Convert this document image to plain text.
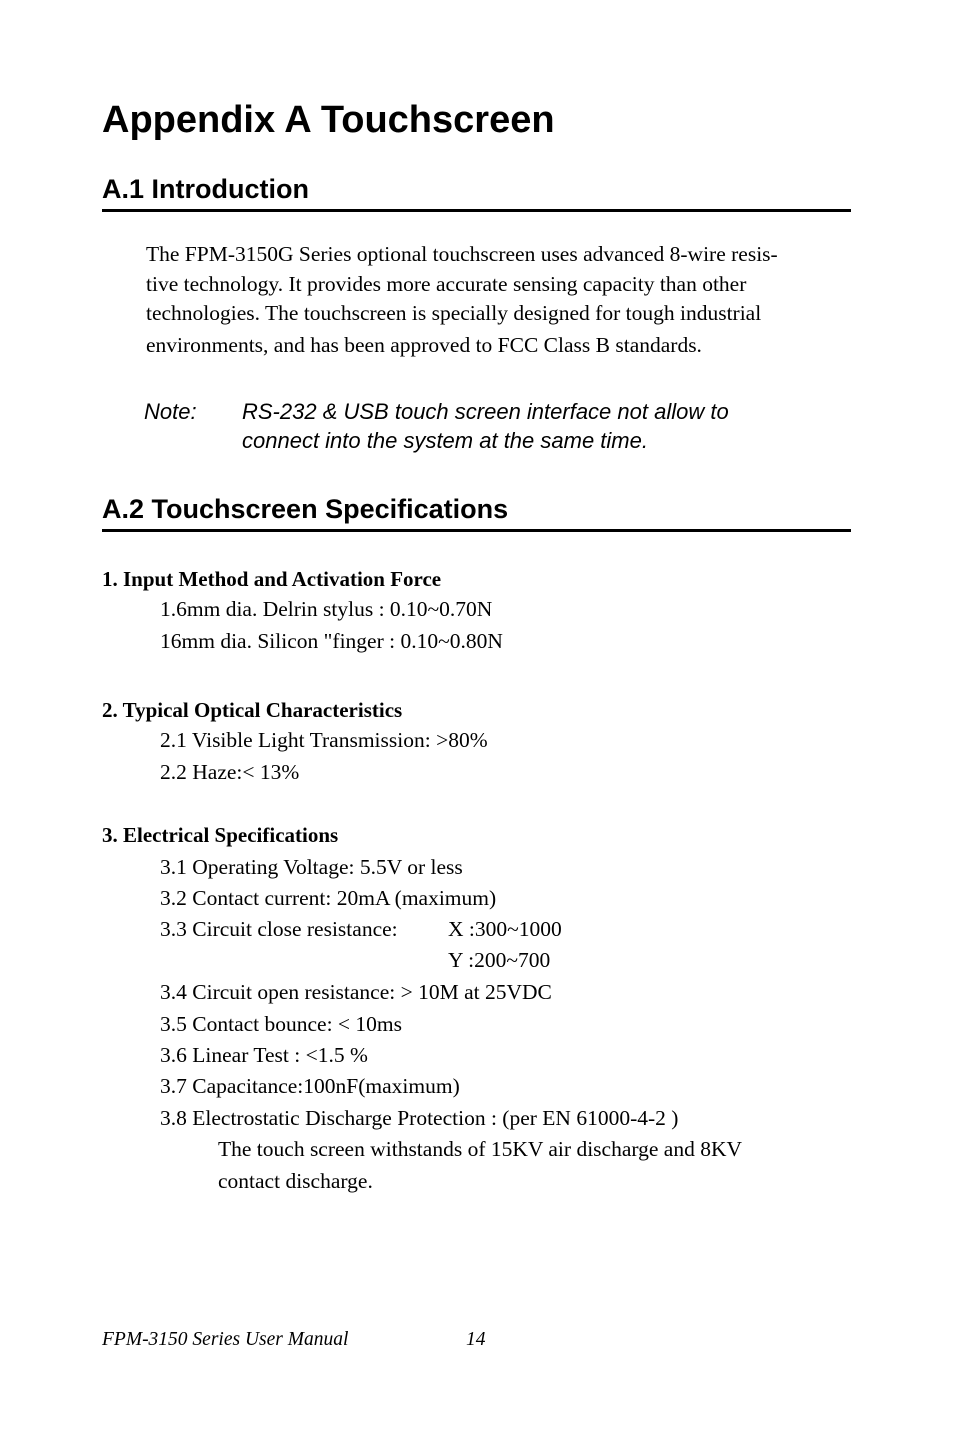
Appendix A Touchscreen
A.1 Introduction
The FPM-3150G Series optional touchscreen uses advanced 8-wire resis-
tive technology. It provides more accurate sensing capacity than other
technologies. The touchscreen is specially designed for tough industrial
environments, and has been approved to FCC Class B standards.
Note: RS-232 & USB touch screen interface not allow to
connect into the system at the same time.
A.2 Touchscreen Specifications
1. Input Method and Activation Force
1.6mm dia. Delrin stylus : 0.10~0.70N
16mm dia. Silicon "finger : 0.10~0.80N
2. Typical Optical Characteristics
2.1 Visible Light Transmission: >80%
2.2 Haze:< 13%
3. Electrical Specifications
3.1 Operating Voltage: 5.5V or less
3.2 Contact current: 20mA (maximum)
3.3 Circuit close resistance: X :300~1000
Y :200~700
3.4 Circuit open resistance: > 10M at 25VDC
3.5 Contact bounce: < 10ms
3.6 Linear Test : <1.5 %
3.7 Capacitance:100nF(maximum)
3.8 Electrostatic Discharge Protection : (per EN 61000-4-2 )
The touch screen withstands of 15KV air discharge and 8KV
contact discharge.
FPM-3150 Series User Manual	14
